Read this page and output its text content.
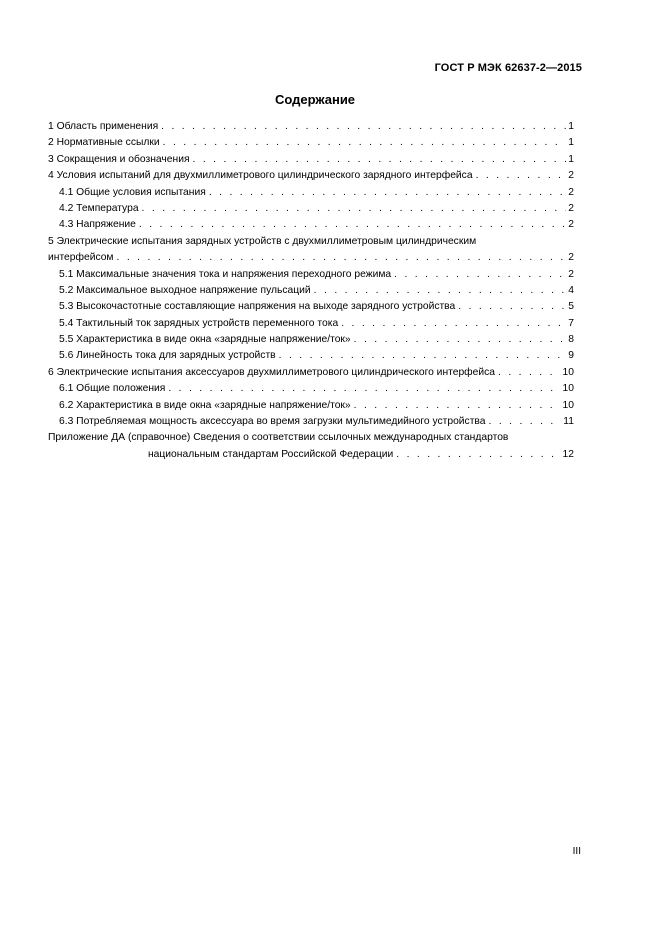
ГОСТ Р МЭК 62637-2—2015
Содержание
1 Область применения . . .	1
2 Нормативные ссылки . . .	1
3 Сокращения и обозначения . . .	1
4 Условия испытаний для двухмиллиметрового цилиндрического зарядного интерфейса . . .	2
4.1 Общие условия испытания . . .	2
4.2 Температура . . .	2
4.3 Напряжение . . .	2
5 Электрические испытания зарядных устройств с двухмиллиметровым цилиндрическим
интерфейсом . . .	2
5.1 Максимальные значения тока и напряжения переходного режима . . .	2
5.2 Максимальное выходное напряжение пульсаций . . .	4
5.3 Высокочастотные составляющие напряжения на выходе зарядного устройства . . .	5
5.4 Тактильный ток зарядных устройств переменного тока . . .	7
5.5 Характеристика в виде окна «зарядные напряжение/ток» . . .	8
5.6 Линейность тока для зарядных устройств . . .	9
6 Электрические испытания аксессуаров двухмиллиметрового цилиндрического интерфейса . . .	10
6.1 Общие положения . . .	10
6.2 Характеристика в виде окна «зарядные напряжение/ток» . . .	10
6.3 Потребляемая мощность аксессуара во время загрузки мультимедийного устройства . . .	11
Приложение ДА (справочное) Сведения о соответствии ссылочных международных стандартов
национальным стандартам Российской Федерации . . .	12
III
